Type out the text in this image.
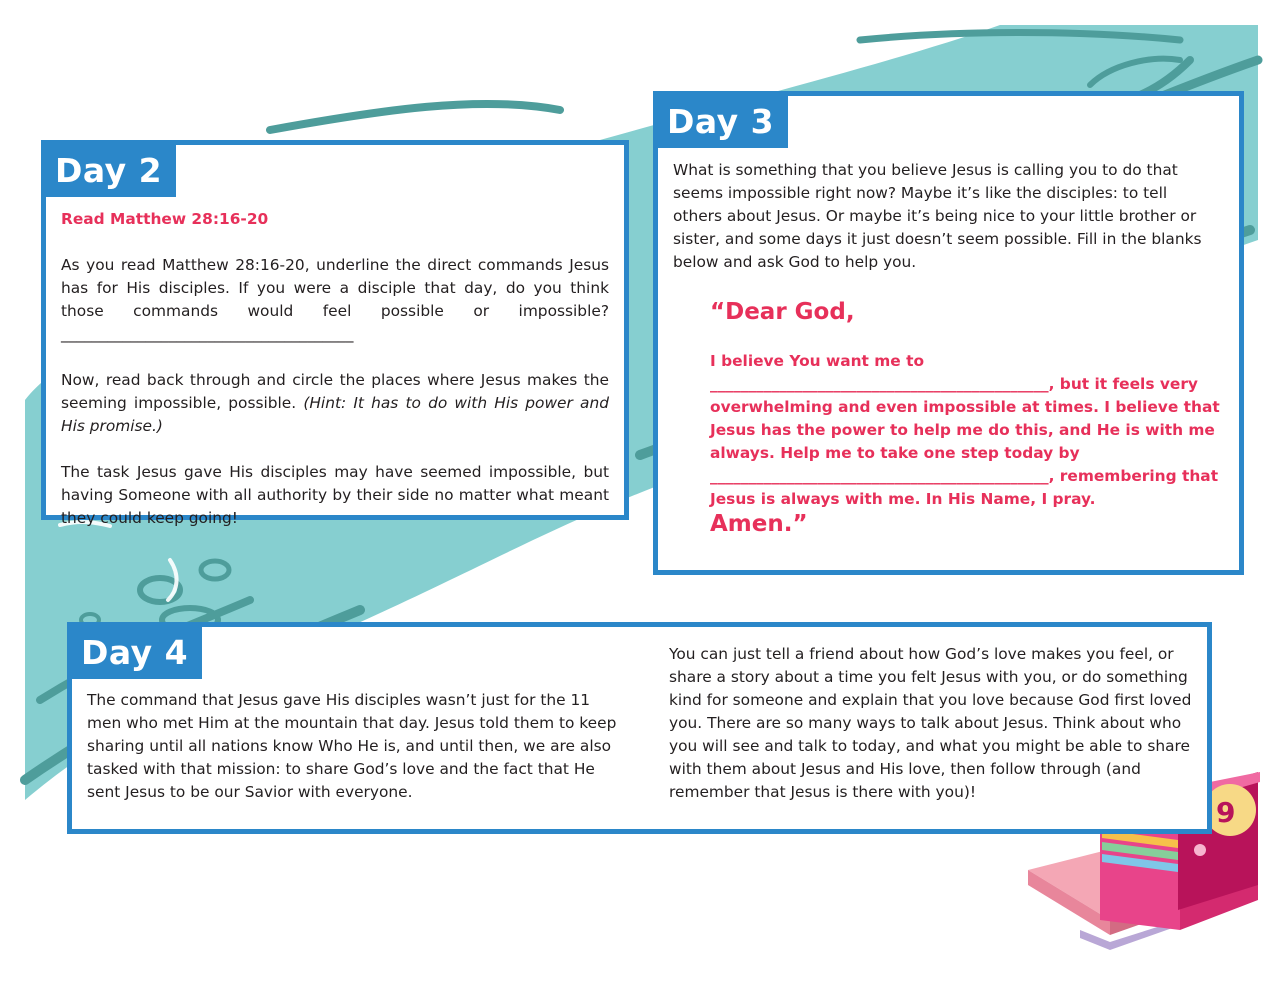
9
Day 2

Read Matthew 28:16-20

As you read Matthew 28:16-20, underline the direct commands Jesus has for His disciples. If you were a disciple that day, do you think those commands would feel possible or impossible? ______________________________________

Now, read back through and circle the places where Jesus makes the seeming impossible, possible. (Hint: It has to do with His power and His promise.)

The task Jesus gave His disciples may have seemed impossible, but having Someone with all authority by their side no matter what meant they could keep going!

Day 3
What is something that you believe Jesus is calling you to do that seems impossible right now? Maybe it’s like the disciples: to tell others about Jesus. Or maybe it’s being nice to your little brother or sister, and some days it just doesn’t seem possible. Fill in the blanks below and ask God to help you.
“Dear God,
I believe You want me to ____________________________________________, but it feels very overwhelming and even impossible at times. I believe that Jesus has the power to help me do this, and He is with me always. Help me to take one step today by ____________________________________________, remembering that Jesus is always with me. In His Name, I pray.
Amen.”
Day 4
The command that Jesus gave His disciples wasn’t just for the 11 men who met Him at the mountain that day. Jesus told them to keep sharing until all nations know Who He is, and until then, we are also tasked with that mission: to share God’s love and the fact that He sent Jesus to be our Savior with everyone.
You can just tell a friend about how God’s love makes you feel, or share a story about a time you felt Jesus with you, or do something kind for someone and explain that you love because God first loved you. There are so many ways to talk about Jesus. Think about who you will see and talk to today, and what you might be able to share with them about Jesus and His love, then follow through (and remember that Jesus is there with you)!
